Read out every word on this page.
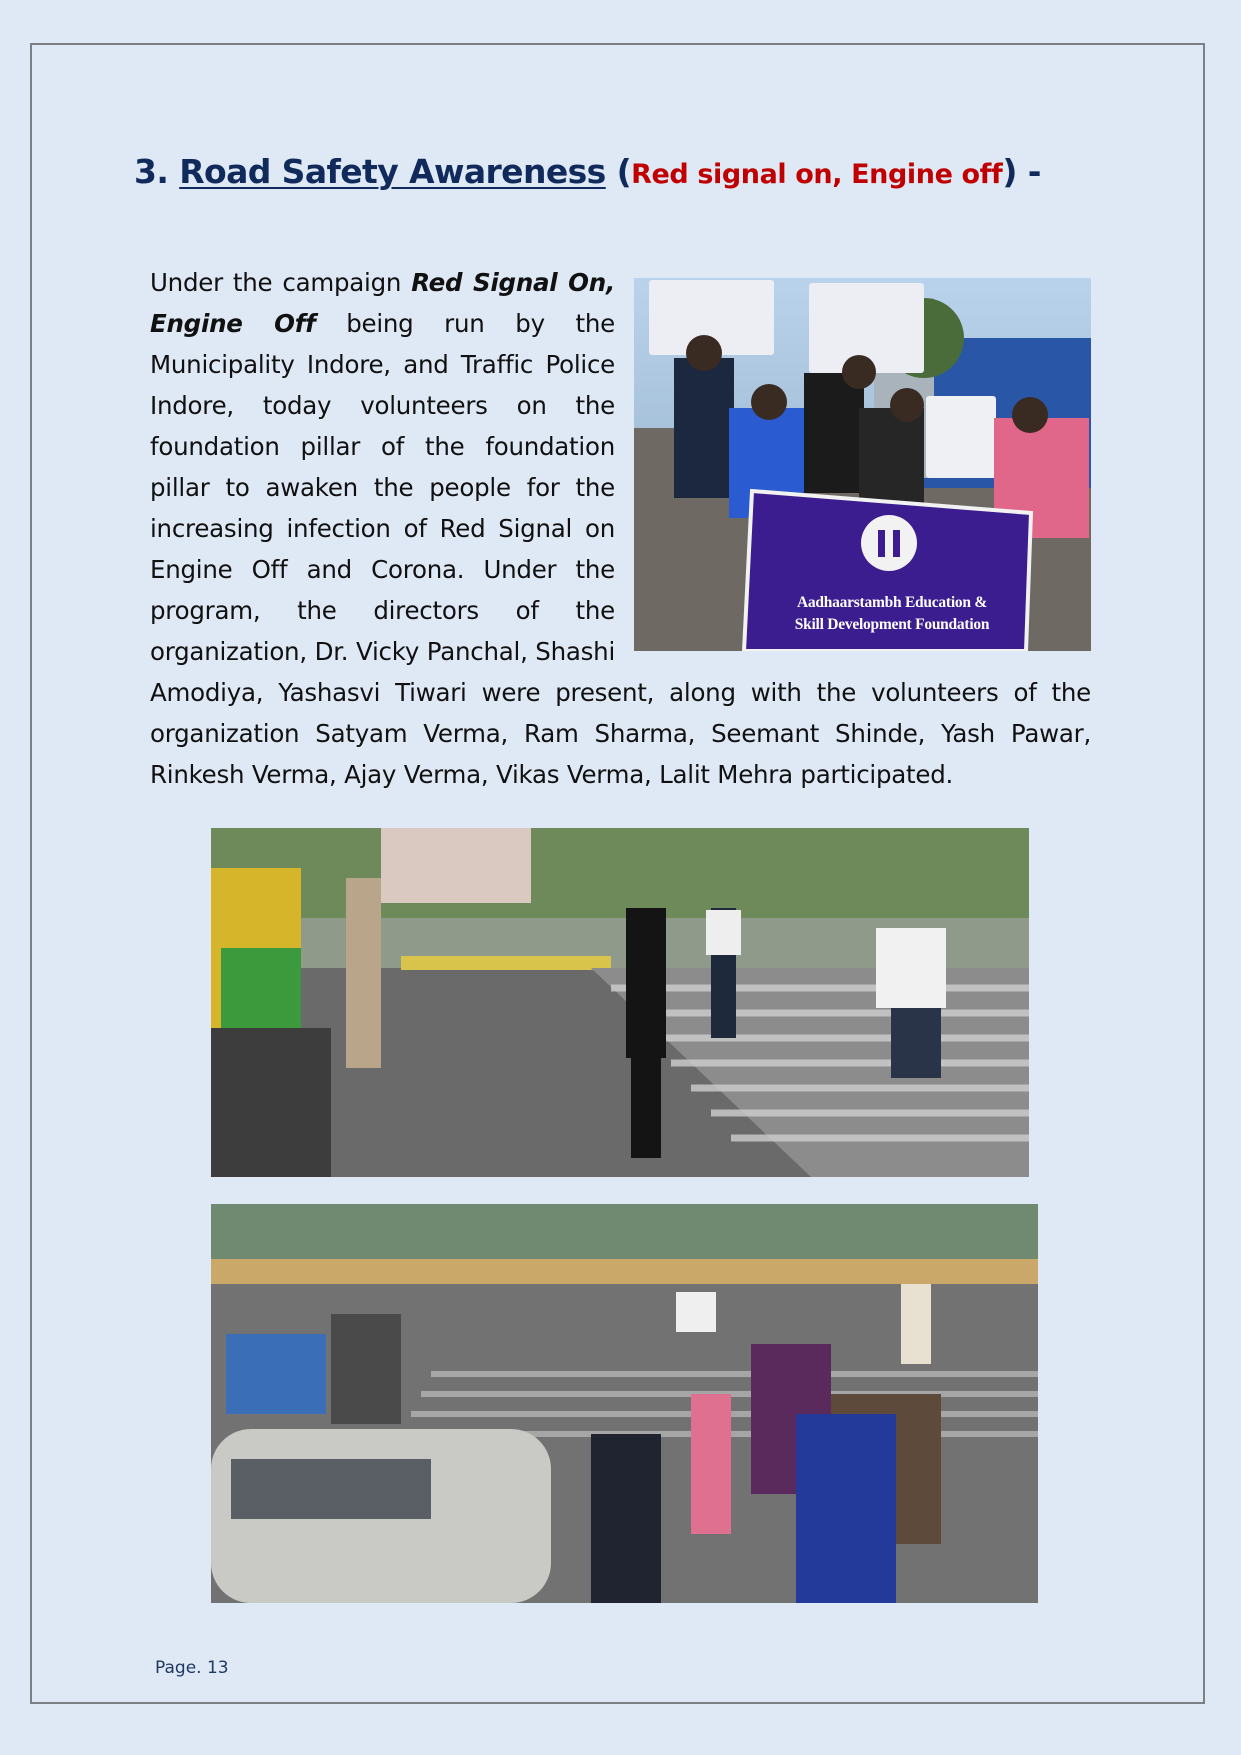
3. Road Safety Awareness (Red signal on, Engine off) -
Aadhaarstambh Education &
Skill Development Foundation
Under the campaign Red Signal On, Engine Off being run by the Municipality Indore, and Traffic Police Indore, today volunteers on the foundation pillar of the foundation pillar to awaken the people for the increasing infection of Red Signal on Engine Off and Corona. Under the program, the directors of the organization, Dr. Vicky Panchal, Shashi Amodiya, Yashasvi Tiwari were present, along with the volunteers of the organization Satyam Verma, Ram Sharma, Seemant Shinde, Yash Pawar, Rinkesh Verma, Ajay Verma, Vikas Verma, Lalit Mehra participated.
Page. 13
